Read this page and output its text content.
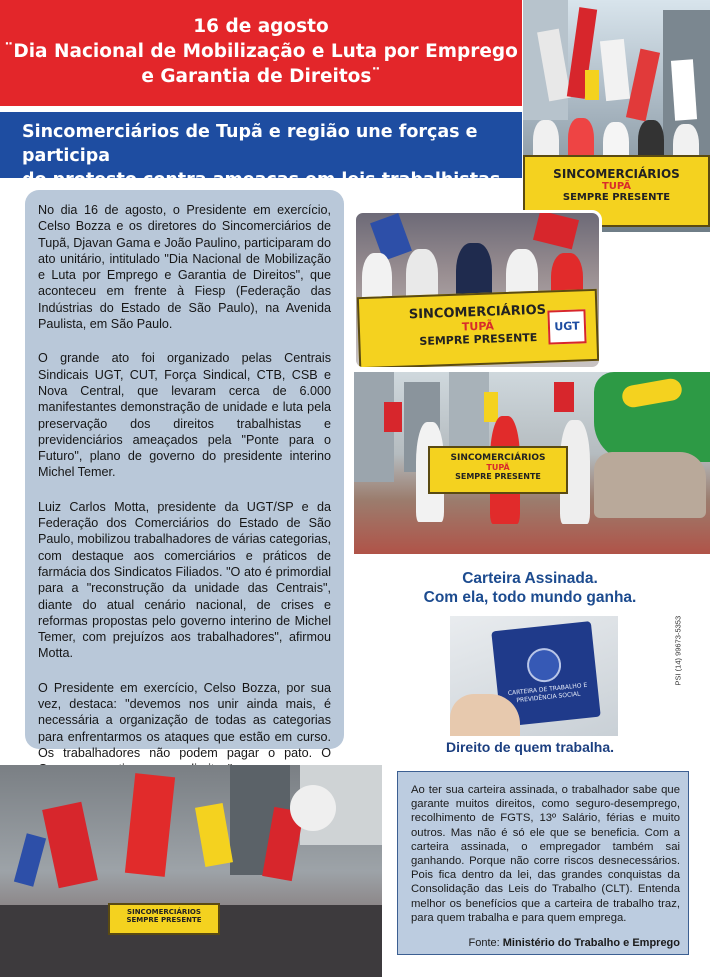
16 de agosto
¨Dia Nacional de Mobilização e Luta por Emprego
e Garantia de Direitos¨
Sincomerciários de Tupã e região une forças e participa
do protesto contra ameaças em leis trabalhistas

No dia 16 de agosto, o Presidente em exercício, Celso Bozza e os diretores do Sincomerciários de Tupã, Djavan Gama e João Paulino, participaram do ato unitário, intitulado "Dia Nacional de Mobilização e Luta por Emprego e Garantia de Direitos", que aconteceu em frente à Fiesp (Federação das Indústrias do Estado de São Paulo), na Avenida Paulista, em São Paulo.

O grande ato foi organizado pelas Centrais Sindicais UGT, CUT, Força Sindical, CTB, CSB e Nova Central, que levaram cerca de 6.000 manifestantes demonstração de unidade e luta pela preservação dos direitos trabalhistas e previdenciários ameaçados pela "Ponte para o Futuro", plano de governo do presidente interino Michel Temer.

Luiz Carlos Motta, presidente da UGT/SP e da Federação dos Comerciários do Estado de São Paulo, mobilizou trabalhadores de várias categorias, com destaque aos comerciários e práticos de farmácia dos Sindicatos Filiados. "O ato é primordial para a "reconstrução da unidade das Centrais", diante do atual cenário nacional, de crises e reformas propostas pelo governo interino de Michel Temer, com prejuízos aos trabalhadores", afirmou Motta.

O Presidente em exercício, Celso Bozza, por sua vez, destaca: "devemos nos unir ainda mais, é necessária a organização de todas as categorias para enfrentarmos os ataques que estão em curso. Os trabalhadores não podem pagar o pato. O

SINCOMERCIÁRIOS
TUPÃ
SEMPRE PRESENTE
SINCOMERCIÁRIOS
TUPÃ
SEMPRE PRESENTE
UGT
SINCOMERCIÁRIOS
TUPÃ
SEMPRE PRESENTE
SINCOMERCIÁRIOS
SEMPRE PRESENTE
Carteira Assinada.
Com ela, todo mundo ganha.
CARTEIRA DE TRABALHO E PREVIDÊNCIA SOCIAL
Direito de quem trabalha.
PSI (14) 99673-5353

Ao ter sua carteira assinada, o trabalhador sabe que garante muitos direitos, como seguro-desemprego, recolhimento de FGTS, 13º Salário, férias e muito outros. Mas não é só ele que se beneficia. Com a carteira assinada, o empregador também sai ganhando. Porque não corre riscos desnecessários. Pois fica dentro da lei, das grandes conquistas da Consolidação das Leis do Trabalho (CLT). Entenda melhor os benefícios que a carteira de trabalho traz, para quem trabalha e para quem emprega.

Fonte: Ministério do Trabalho e Emprego
